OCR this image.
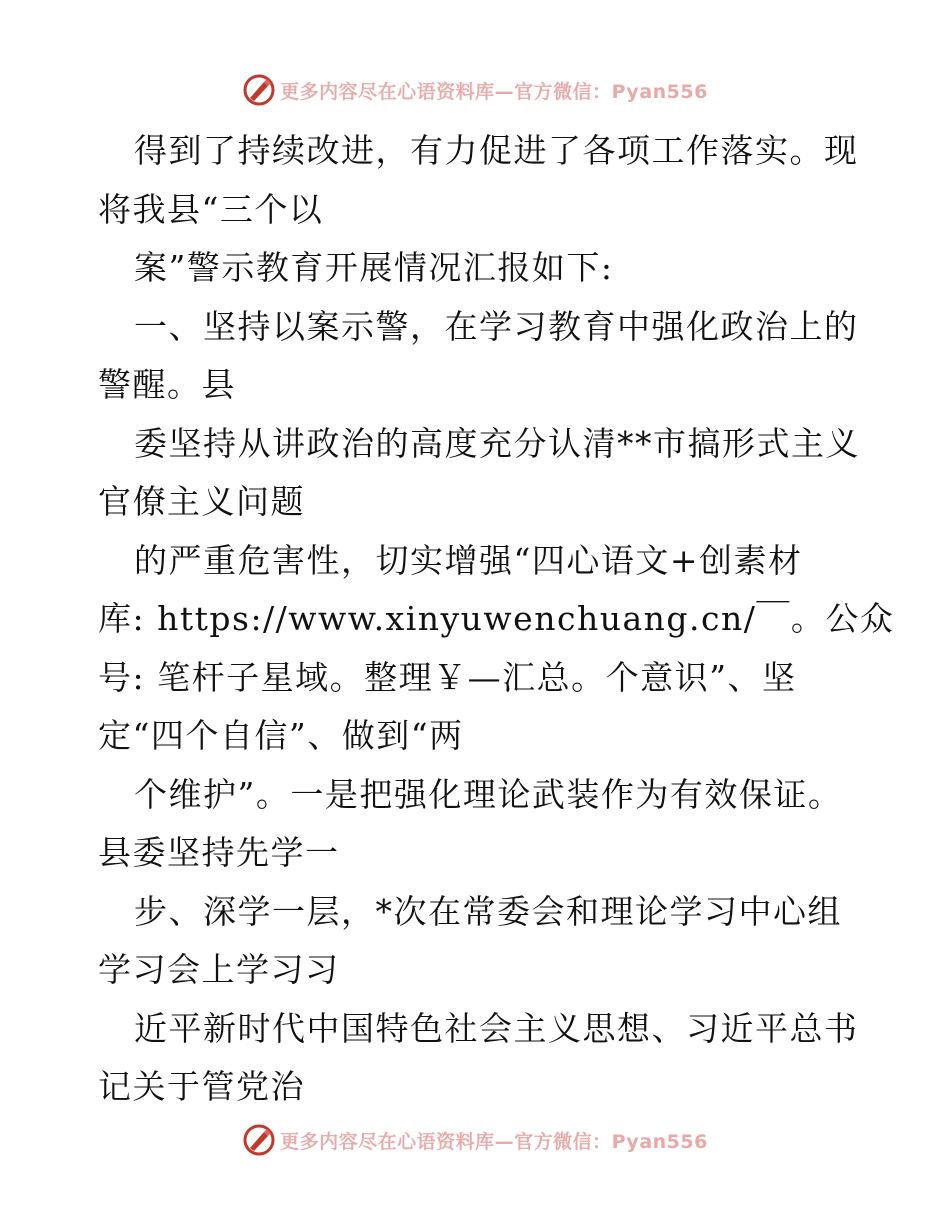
更多内容尽在心语资料库—官方微信：Pyan556

得到了持续改进，有力促进了各项工作落实。现

将我县“三个以

案”警示教育开展情况汇报如下:

一、坚持以案示警，在学习教育中强化政治上的

警醒。县

委坚持从讲政治的高度充分认清**市搞形式主义

官僚主义问题

的严重危害性，切实增强“四心语文+创素材

库: https://www.xinyuwenchuang.cn/￣。公众

号: 笔杆子星域。整理￥—汇总。个意识”、坚

定“四个自信”、做到“两

个维护”。一是把强化理论武装作为有效保证。

县委坚持先学一

步、深学一层，*次在常委会和理论学习中心组

学习会上学习习

近平新时代中国特色社会主义思想、习近平总书

记关于管党治

更多内容尽在心语资料库—官方微信：Pyan556
